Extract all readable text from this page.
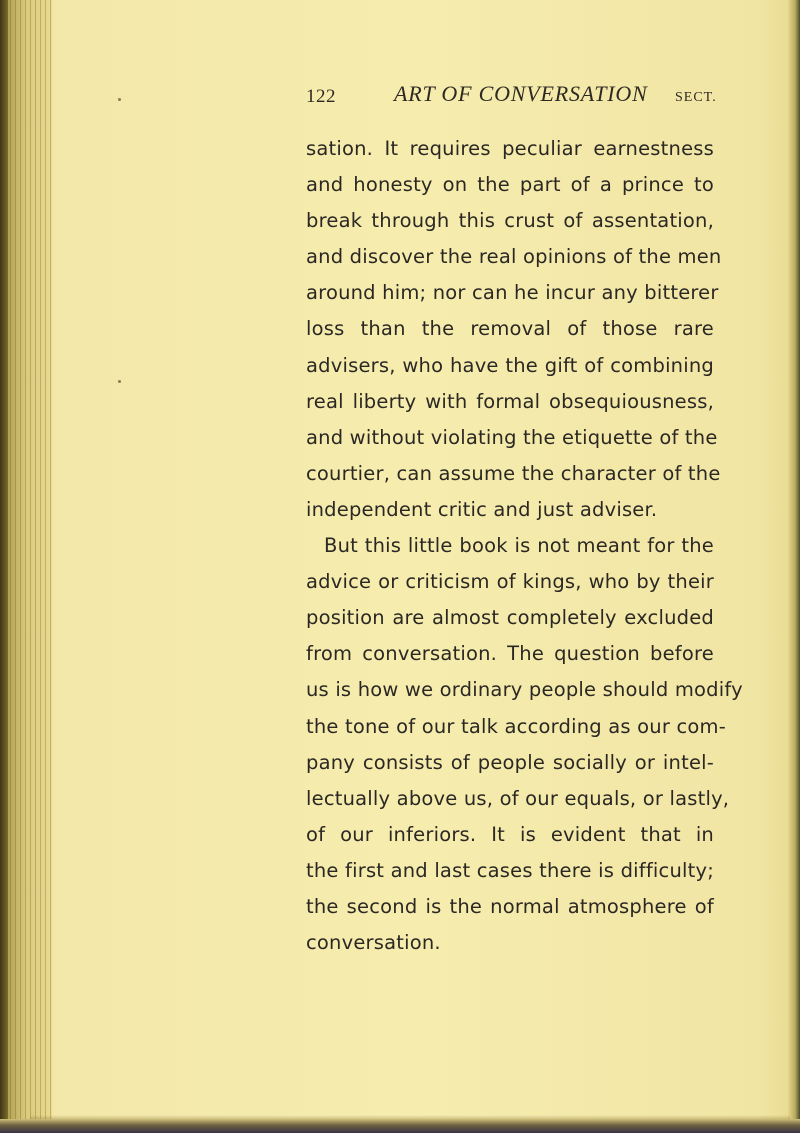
122	ART OF CONVERSATION SECT.
sation. It requires peculiar earnestness
and honesty on the part of a prince to
break through this crust of assentation,
and discover the real opinions of the men
around him; nor can he incur any bitterer
loss than the removal of those rare
advisers, who have the gift of combining
real liberty with formal obsequiousness,
and without violating the etiquette of the
courtier, can assume the character of the
independent critic and just adviser.
But this little book is not meant for the
advice or criticism of kings, who by their
position are almost completely excluded
from conversation. The question before
us is how we ordinary people should modify
the tone of our talk according as our com-
pany consists of people socially or intel-
lectually above us, of our equals, or lastly,
of our inferiors. It is evident that in
the first and last cases there is difficulty;
the second is the normal atmosphere of
conversation.
